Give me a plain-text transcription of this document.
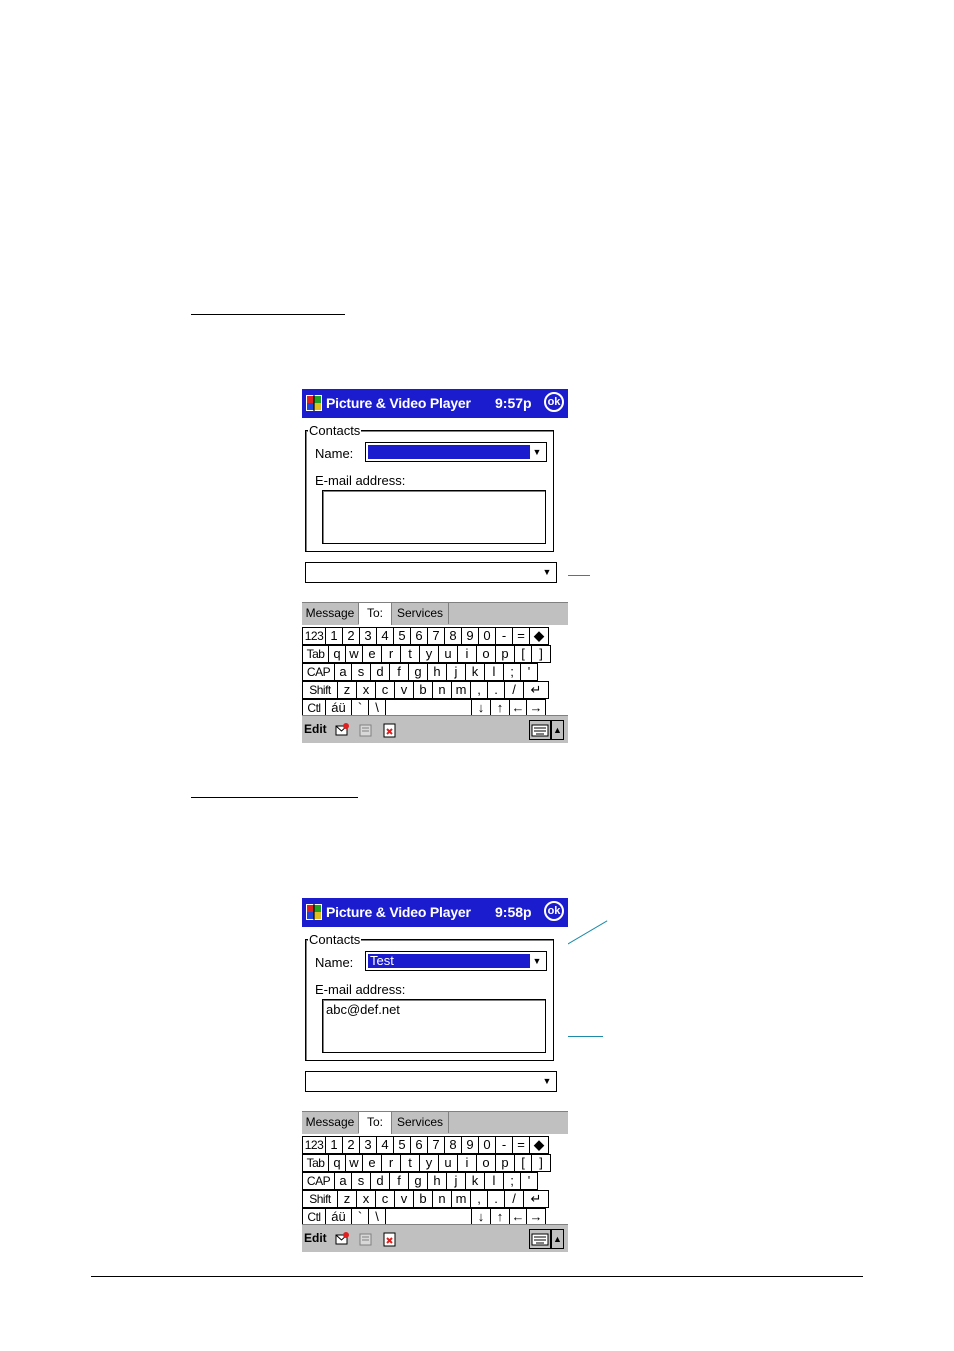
Picture & Video Player 9:57p	ok
Contacts
Name:	▼
E-mail address:
▼
Message	To:	Services
123 1 2 3 4 5 6 7 8 9 0 - = ◆
Tab q w e	r	t	y u	i	o p [	]
CAP a s d	f	g h	j	k	l	;	'
Shift	z x c v b n m ,	.	/	↵
Ctl áü `	\	↓ ↑ ← →
Edit	▲
Picture & Video Player 9:58p	ok
Contacts
Name: Test	▼
E-mail address:
abc@def.net
▼
Message	To:	Services
123 1 2 3 4 5 6 7 8 9 0 - = ◆
Tab q w e	r	t	y u	i	o p [	]
CAP a s d	f	g h	j	k	l	;	'
Shift	z x c v b n m ,	.	/	↵
Ctl áü `	\	↓ ↑ ← →
Edit	▲
